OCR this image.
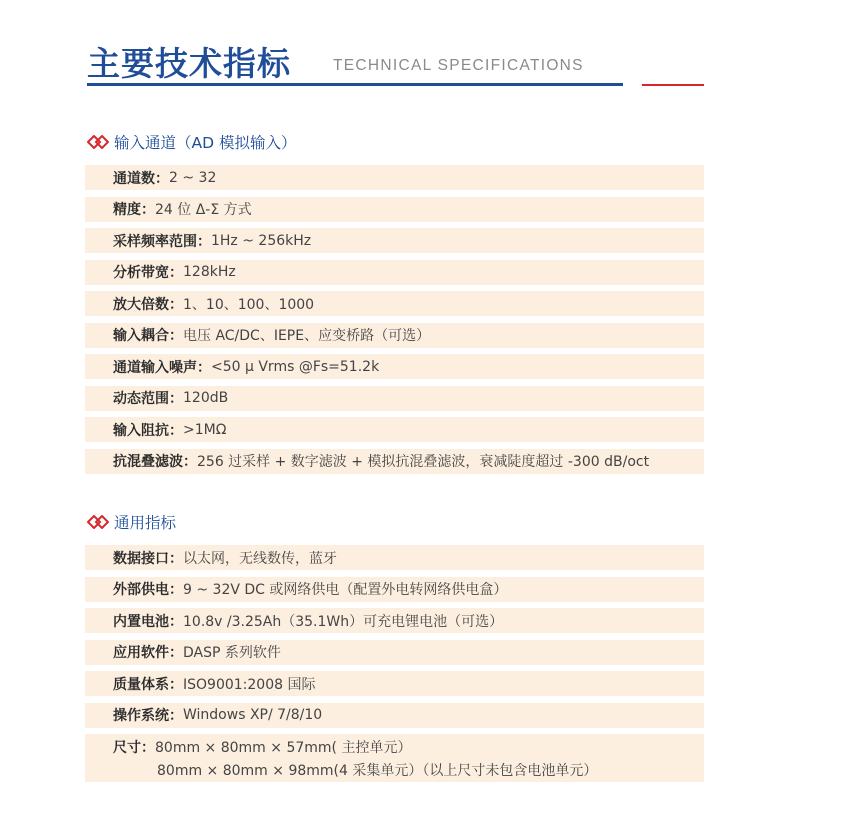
主要技术指标	TECHNICAL SPECIFICATIONS
输入通道（AD 模拟输入）
通道数： 2 ~ 32
精度： 24 位 Δ-Σ 方式
采样频率范围： 1Hz ~ 256kHz
分析带宽： 128kHz
放大倍数： 1、10、100、1000
输入耦合： 电压 AC/DC、IEPE、应变桥路（可选）
通道输入噪声： <50 μ Vrms @Fs=51.2k
动态范围： 120dB
输入阻抗： >1MΩ
抗混叠滤波： 256 过采样 + 数字滤波 + 模拟抗混叠滤波，衰减陡度超过 -300 dB/oct
通用指标
数据接口： 以太网，无线数传，蓝牙
外部供电： 9 ~ 32V DC 或网络供电（配置外电转网络供电盒）
内置电池： 10.8v /3.25Ah（35.1Wh）可充电锂电池（可选）
应用软件： DASP 系列软件
质量体系： ISO9001:2008 国际
操作系统： Windows XP/ 7/8/10
尺寸：80mm × 80mm × 57mm( 主控单元）
80mm × 80mm × 98mm(4 采集单元）（以上尺寸未包含电池单元）
